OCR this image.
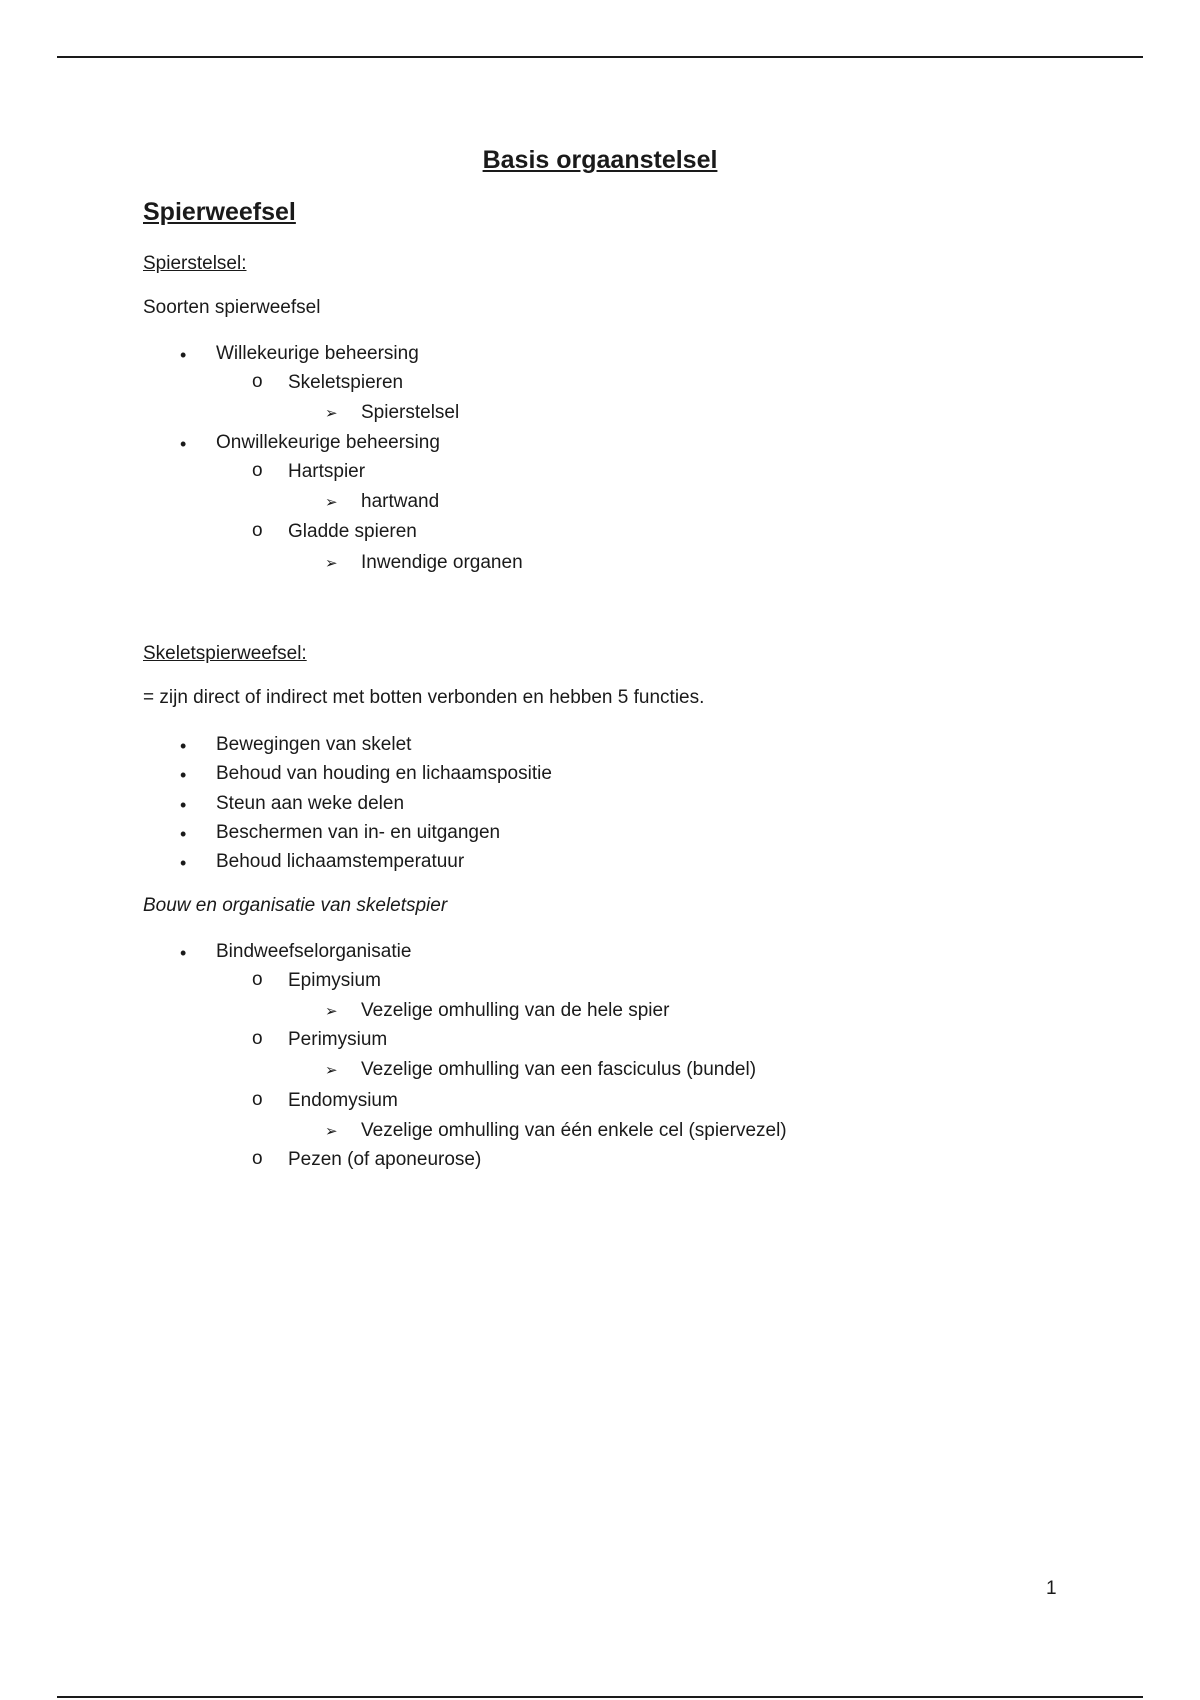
Basis orgaanstelsel
Spierweefsel
Spierstelsel:
Soorten spierweefsel
• Willekeurige beheersing
o Skeletspieren
➢ Spierstelsel
• Onwillekeurige beheersing
o Hartspier
➢ hartwand
o Gladde spieren
➢ Inwendige organen
Skeletspierweefsel:
= zijn direct of indirect met botten verbonden en hebben 5 functies.
• Bewegingen van skelet
• Behoud van houding en lichaamspositie
• Steun aan weke delen
• Beschermen van in- en uitgangen
• Behoud lichaamstemperatuur
Bouw en organisatie van skeletspier
• Bindweefselorganisatie
o Epimysium
➢ Vezelige omhulling van de hele spier
o Perimysium
➢ Vezelige omhulling van een fasciculus (bundel)
o Endomysium
➢ Vezelige omhulling van één enkele cel (spiervezel)
o Pezen (of aponeurose)
1
